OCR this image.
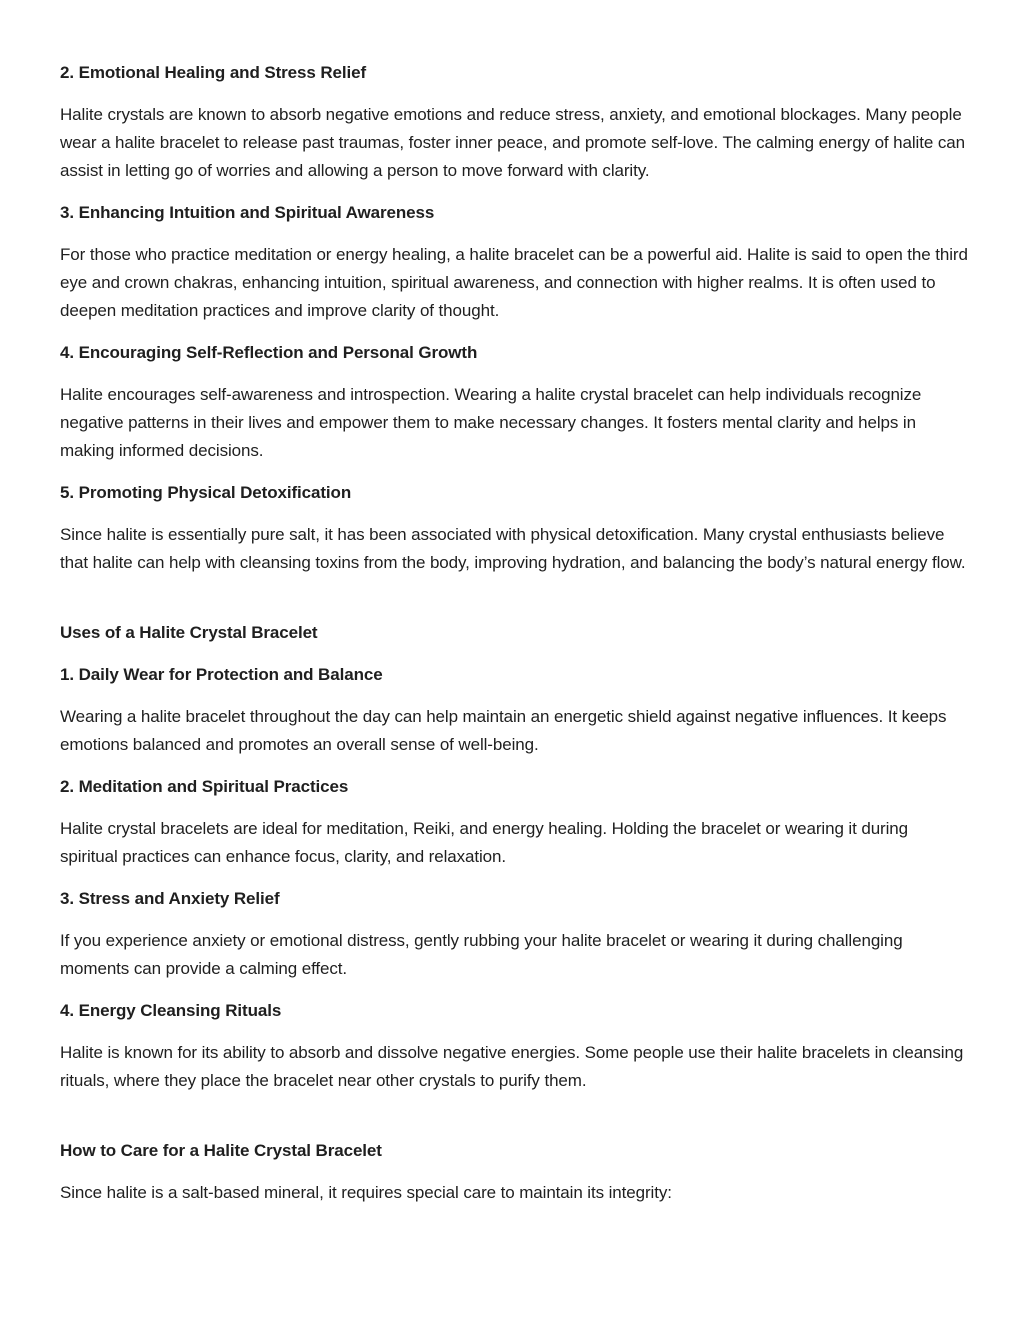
2. Emotional Healing and Stress Relief

Halite crystals are known to absorb negative emotions and reduce stress, anxiety, and emotional blockages. Many people wear a halite bracelet to release past traumas, foster inner peace, and promote self-love. The calming energy of halite can assist in letting go of worries and allowing a person to move forward with clarity.

3. Enhancing Intuition and Spiritual Awareness

For those who practice meditation or energy healing, a halite bracelet can be a powerful aid. Halite is said to open the third eye and crown chakras, enhancing intuition, spiritual awareness, and connection with higher realms. It is often used to deepen meditation practices and improve clarity of thought.

4. Encouraging Self-Reflection and Personal Growth

Halite encourages self-awareness and introspection. Wearing a halite crystal bracelet can help individuals recognize negative patterns in their lives and empower them to make necessary changes. It fosters mental clarity and helps in making informed decisions.

5. Promoting Physical Detoxification

Since halite is essentially pure salt, it has been associated with physical detoxification. Many crystal enthusiasts believe that halite can help with cleansing toxins from the body, improving hydration, and balancing the body’s natural energy flow.

Uses of a Halite Crystal Bracelet

1. Daily Wear for Protection and Balance

Wearing a halite bracelet throughout the day can help maintain an energetic shield against negative influences. It keeps emotions balanced and promotes an overall sense of well-being.

2. Meditation and Spiritual Practices

Halite crystal bracelets are ideal for meditation, Reiki, and energy healing. Holding the bracelet or wearing it during spiritual practices can enhance focus, clarity, and relaxation.

3. Stress and Anxiety Relief

If you experience anxiety or emotional distress, gently rubbing your halite bracelet or wearing it during challenging moments can provide a calming effect.

4. Energy Cleansing Rituals

Halite is known for its ability to absorb and dissolve negative energies. Some people use their halite bracelets in cleansing rituals, where they place the bracelet near other crystals to purify them.

How to Care for a Halite Crystal Bracelet

Since halite is a salt-based mineral, it requires special care to maintain its integrity:
